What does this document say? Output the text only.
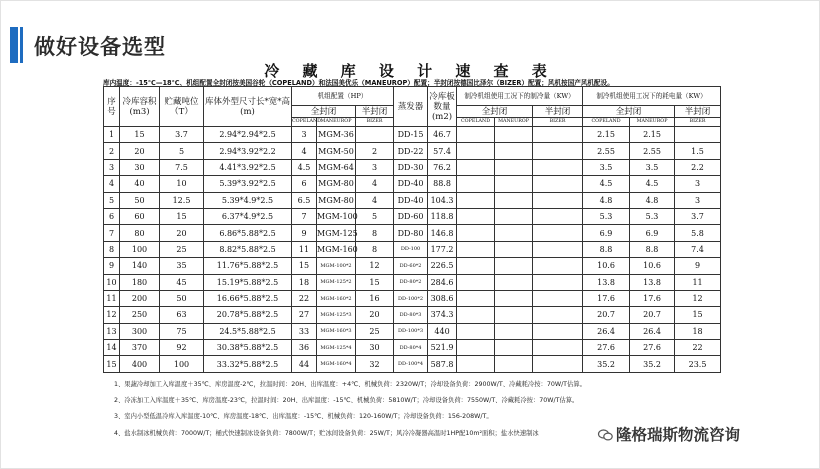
做好设备选型
冷 藏 库 设 计 速 查 表
库内温度：-15℃—18℃、机组配置全封闭按美国谷轮（COPELAND）和法国美优乐（MANEUROP）配置；半封闭按德国比泽尔（BIZER）配置；风机按国产风机配设。
序号	冷库容积(m3)	贮藏吨位（T）	库体外型尺寸长*宽*高(m)	机组配置（HP）			蒸发器	冷库板数量(m2)	制冷机组使用工况下的制冷量（KW）			制冷机组使用工况下的耗电量（KW）		
				全封闭		半封闭			全封闭		半封闭	全封闭		半封闭
				COPELAND	MANEUROP	BIZER			COPELAND	MANEUROP	BIZER	COPELAND	MANEUROP	BIZER
1	15	3.7	2.94*2.94*2.5	3	MGM-36		DD-15	46.7				2.15	2.15	
2	20	5	2.94*3.92*2.2	4	MGM-50	2	DD-22	57.4				2.55	2.55	1.5
3	30	7.5	4.41*3.92*2.5	4.5	MGM-64	3	DD-30	76.2				3.5	3.5	2.2
4	40	10	5.39*3.92*2.5	6	MGM-80	4	DD-40	88.8				4.5	4.5	3
5	50	12.5	5.39*4.9*2.5	6.5	MGM-80	4	DD-40	104.3				4.8	4.8	3
6	60	15	6.37*4.9*2.5	7	MGM-100	5	DD-60	118.8				5.3	5.3	3.7
7	80	20	6.86*5.88*2.5	9	MGM-125	8	DD-80	146.8				6.9	6.9	5.8
8	100	25	8.82*5.88*2.5	11	MGM-160	8	DD-100	177.2				8.8	8.8	7.4
9	140	35	11.76*5.88*2.5	15	MGM-100*2	12	DD-60*2	226.5				10.6	10.6	9
10	180	45	15.19*5.88*2.5	18	MGM-125*2	15	DD-80*2	284.6				13.8	13.8	11
11	200	50	16.66*5.88*2.5	22	MGM-160*2	16	DD-100*2	308.6				17.6	17.6	12
12	250	63	20.78*5.88*2.5	27	MGM-125*3	20	DD-80*3	374.3				20.7	20.7	15
13	300	75	24.5*5.88*2.5	33	MGM-160*3	25	DD-100*3	440				26.4	26.4	18
14	370	92	30.38*5.88*2.5	36	MGM-125*4	30	DD-80*4	521.9				27.6	27.6	22
15	400	100	33.32*5.88*2.5	44	MGM-160*4	32	DD-100*4	587.8				35.2	35.2	23.5
1、果蔬冷却加工入库温度＋35℃、库房温度-2℃，拉温时间：20H、出库温度：+4℃、机械负荷：2320W/T；冷却设备负荷：2900W/T、冷藏耗冷按：70W/T估算。
2、冷冻加工入库温度＋35℃、库房温度-23℃，拉温时间：20H、出库温度：-15℃、机械负荷：5810W/T；冷却设备负荷：7550W/T、冷藏耗冷按：70W/T估算。
3、室内小型低温冷库入库温度-10℃、库房温度-18℃、出库温度：-15℃、机械负荷：120-160W/T；冷却设备负荷：156-208W/T。
4、盐水制冰机械负荷：7000W/T；桶式快速制冰设备负荷：7800W/T；贮冰间设备负荷：25W/T；风冷冷凝器高温时1HP配10m²面积；盐水快速制冰	隆格瑞斯物流咨询
